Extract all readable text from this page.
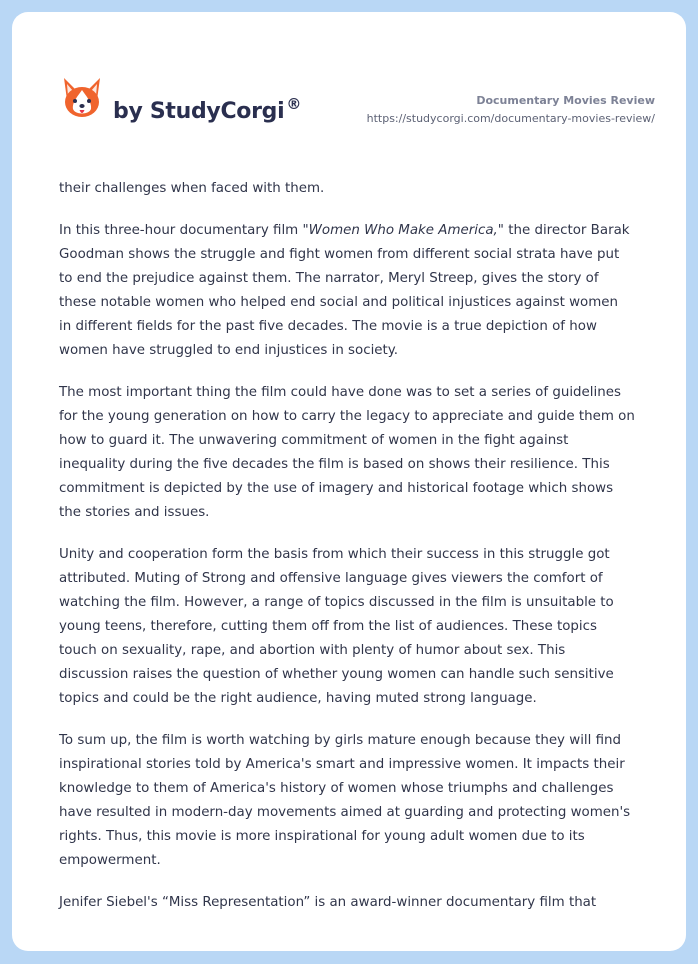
by StudyCorgi ®	Documentary Movies Review
https://studycorgi.com/documentary-movies-review/

their challenges when faced with them.

In this three-hour documentary film "Women Who Make America," the director Barak
Goodman shows the struggle and fight women from different social strata have put
to end the prejudice against them. The narrator, Meryl Streep, gives the story of
these notable women who helped end social and political injustices against women
in different fields for the past five decades. The movie is a true depiction of how
women have struggled to end injustices in society.

The most important thing the film could have done was to set a series of guidelines
for the young generation on how to carry the legacy to appreciate and guide them on
how to guard it. The unwavering commitment of women in the fight against
inequality during the five decades the film is based on shows their resilience. This
commitment is depicted by the use of imagery and historical footage which shows
the stories and issues.

Unity and cooperation form the basis from which their success in this struggle got
attributed. Muting of Strong and offensive language gives viewers the comfort of
watching the film. However, a range of topics discussed in the film is unsuitable to
young teens, therefore, cutting them off from the list of audiences. These topics
touch on sexuality, rape, and abortion with plenty of humor about sex. This
discussion raises the question of whether young women can handle such sensitive
topics and could be the right audience, having muted strong language.

To sum up, the film is worth watching by girls mature enough because they will find
inspirational stories told by America's smart and impressive women. It impacts their
knowledge to them of America's history of women whose triumphs and challenges
have resulted in modern-day movements aimed at guarding and protecting women's
rights. Thus, this movie is more inspirational for young adult women due to its
empowerment.

Jenifer Siebel's “Miss Representation” is an award-winner documentary film that
